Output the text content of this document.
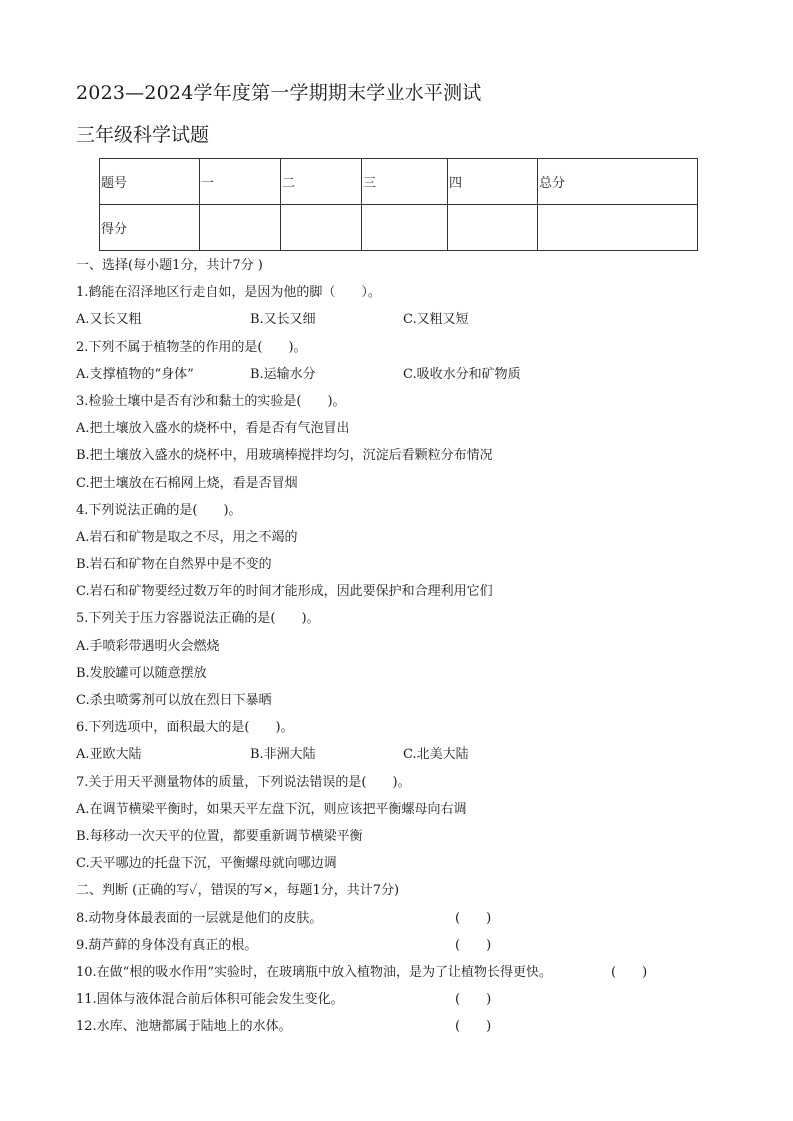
2023—2024学年度第一学期期末学业水平测试
三年级科学试题
题号	一	二	三	四	总分
得分					
一、选择(每小题1分，共计7分 )
1.鹤能在沼泽地区行走自如，是因为他的脚（　　）。
A.又长又粗	B.又长又细	C.又粗又短
2.下列不属于植物茎的作用的是(　　)。
A.支撑植物的“身体”	B.运输水分	C.吸收水分和矿物质
3.检验土壤中是否有沙和黏土的实验是(　　)。
A.把土壤放入盛水的烧杯中，看是否有气泡冒出
B.把土壤放入盛水的烧杯中，用玻璃棒搅拌均匀，沉淀后看颗粒分布情况
C.把土壤放在石棉网上烧，看是否冒烟
4.下列说法正确的是(　　)。
A.岩石和矿物是取之不尽，用之不竭的
B.岩石和矿物在自然界中是不变的
C.岩石和矿物要经过数万年的时间才能形成，因此要保护和合理利用它们
5.下列关于压力容器说法正确的是(　　)。
A.手喷彩带遇明火会燃烧
B.发胶罐可以随意摆放
C.杀虫喷雾剂可以放在烈日下暴晒
6.下列选项中，面积最大的是(　　)。
A.亚欧大陆	B.非洲大陆	C.北美大陆
7.关于用天平测量物体的质量，下列说法错误的是(　　)。
A.在调节横梁平衡时，如果天平左盘下沉，则应该把平衡螺母向右调
B.每移动一次天平的位置，都要重新调节横梁平衡
C.天平哪边的托盘下沉，平衡螺母就向哪边调
二、判断 (正确的写✓，错误的写×，每题1分，共计7分)
8.动物身体最表面的一层就是他们的皮肤。	(　　)
9.葫芦藓的身体没有真正的根。	(　　)
10.在做“根的吸水作用”实验时，在玻璃瓶中放入植物油，是为了让植物长得更快。	(　　)
11.固体与液体混合前后体积可能会发生变化。	(　　)
12.水库、池塘都属于陆地上的水体。	(　　)
